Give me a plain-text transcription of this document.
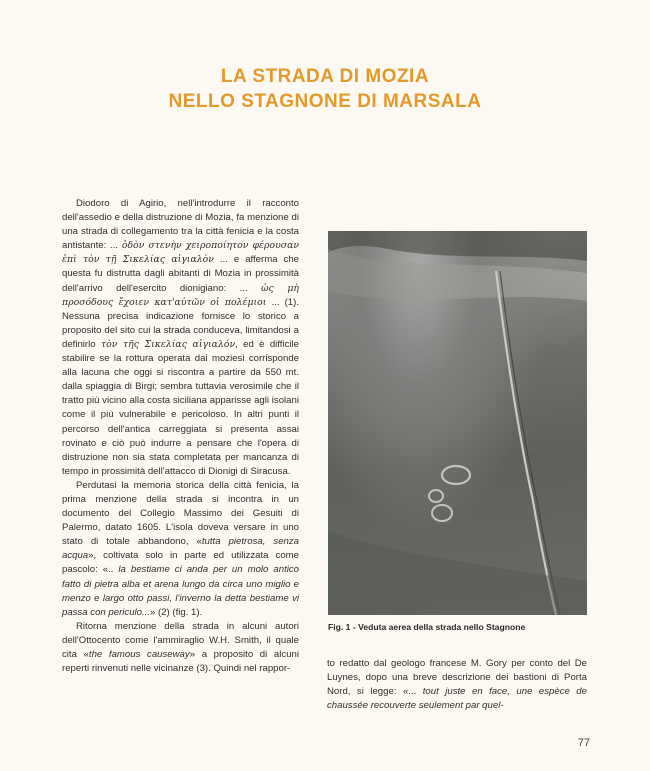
LA STRADA DI MOZIA
NELLO STAGNONE DI MARSALA

Diodoro di Agirio, nell'introdurre il racconto dell'assedio e della distruzione di Mozia, fa menzione di una strada di collegamento tra la città fenicia e la costa antistante: ... ὁδὸν στενὴν χειροποίητον φέρουσαν ἐπὶ τὸν τῇ Σικελίας αἰγιαλὸν ... e afferma che questa fu distrutta dagli abitanti di Mozia in prossimità dell'arrivo dell'esercito dionigiano: ... ὡς μὴ προσόδους ἔχοιεν κατ'αὐτῶν οἱ πολέμιοι ... (1). Nessuna precisa indicazione fornisce lo storico a proposito del sito cui la strada conduceva, limitandosi a definirlo τὸν τῆς Σικελίας αἰγιαλόν, ed è difficile stabilire se la rottura operata dai moziesi corrisponde alla lacuna che oggi si riscontra a partire da 550 mt. dalla spiaggia di Birgi; sembra tuttavia verosimile che il tratto più vicino alla costa siciliana apparisse agli isolani come il più vulnerabile e pericoloso. In altri punti il percorso dell'antica carreggiata si presenta assai rovinato e ciò può indurre a pensare che l'opera di distruzione non sia stata completata per mancanza di tempo in prossimità dell'attacco di Dionigi di Siracusa.

Perdutasi la memoria storica della città fenicia, la prima menzione della strada si incontra in un documento del Collegio Massimo dei Gesuiti di Palermo, datato 1605. L'isola doveva versare in uno stato di totale abbandono, «tutta pietrosa, senza acqua», coltivata solo in parte ed utilizzata come pascolo: «.. la bestiame ci anda per un molo antico fatto di pietra alba et arena lungo da circa uno miglio e menzo e largo otto passi, l'inverno la detta bestiame vi passa con periculo...» (2) (fig. 1).

Ritorna menzione della strada in alcuni autori dell'Ottocento come l'ammiraglio W.H. Smith, il quale cita «the famous causeway» a proposito di alcuni reperti rinvenuti nelle vicinanze (3). Quindi nel rappor-

Fig. 1 - Veduta aerea della strada nello Stagnone

to redatto dal geologo francese M. Gory per conto del De Luynes, dopo una breve descrizione dei bastioni di Porta Nord, si legge: «... tout juste en face, une espèce de chaussée recouverte seulement par quel-

77
